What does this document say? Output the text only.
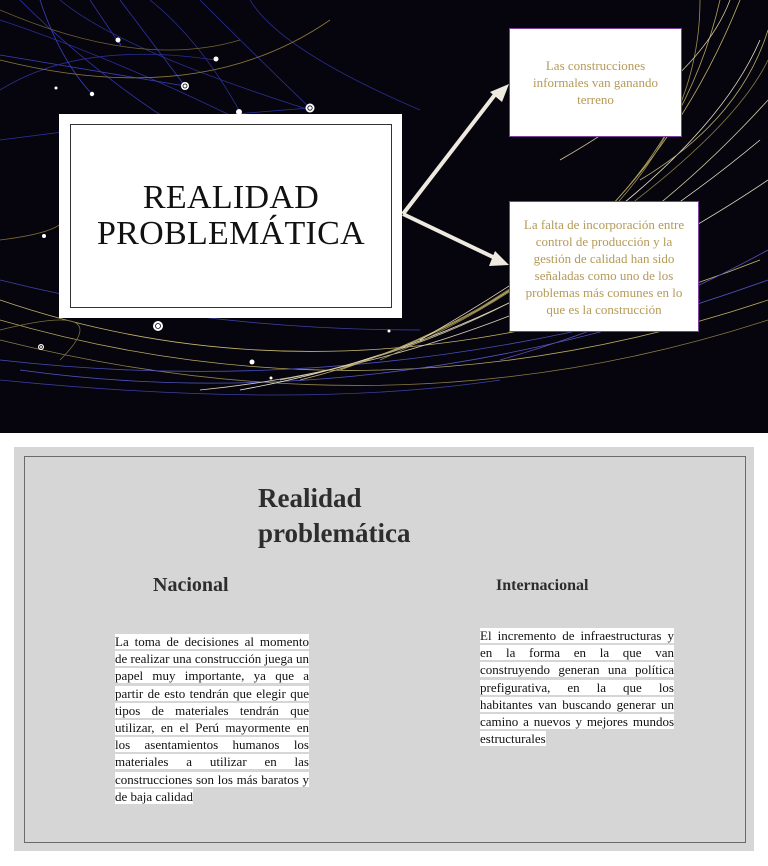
REALIDAD PROBLEMÁTICA
Las construcciones informales van ganando terreno
La falta de incorporación entre control de producción y la gestión de calidad han sido señaladas como uno de los problemas más comunes en lo que es la construcción
Realidad problemática
Nacional	Internacional
La toma de decisiones al momento de realizar una construcción juega un papel muy importante, ya que a partir de esto tendrán que elegir que tipos de materiales tendrán que utilizar, en el Perú mayormente en los asentamientos humanos los materiales a utilizar en las construcciones son los más baratos y de baja calidad
El incremento de infraestructuras y en la forma en la que van construyendo generan una política prefigurativa, en la que los habitantes van buscando generar un camino a nuevos y mejores mundos estructurales
